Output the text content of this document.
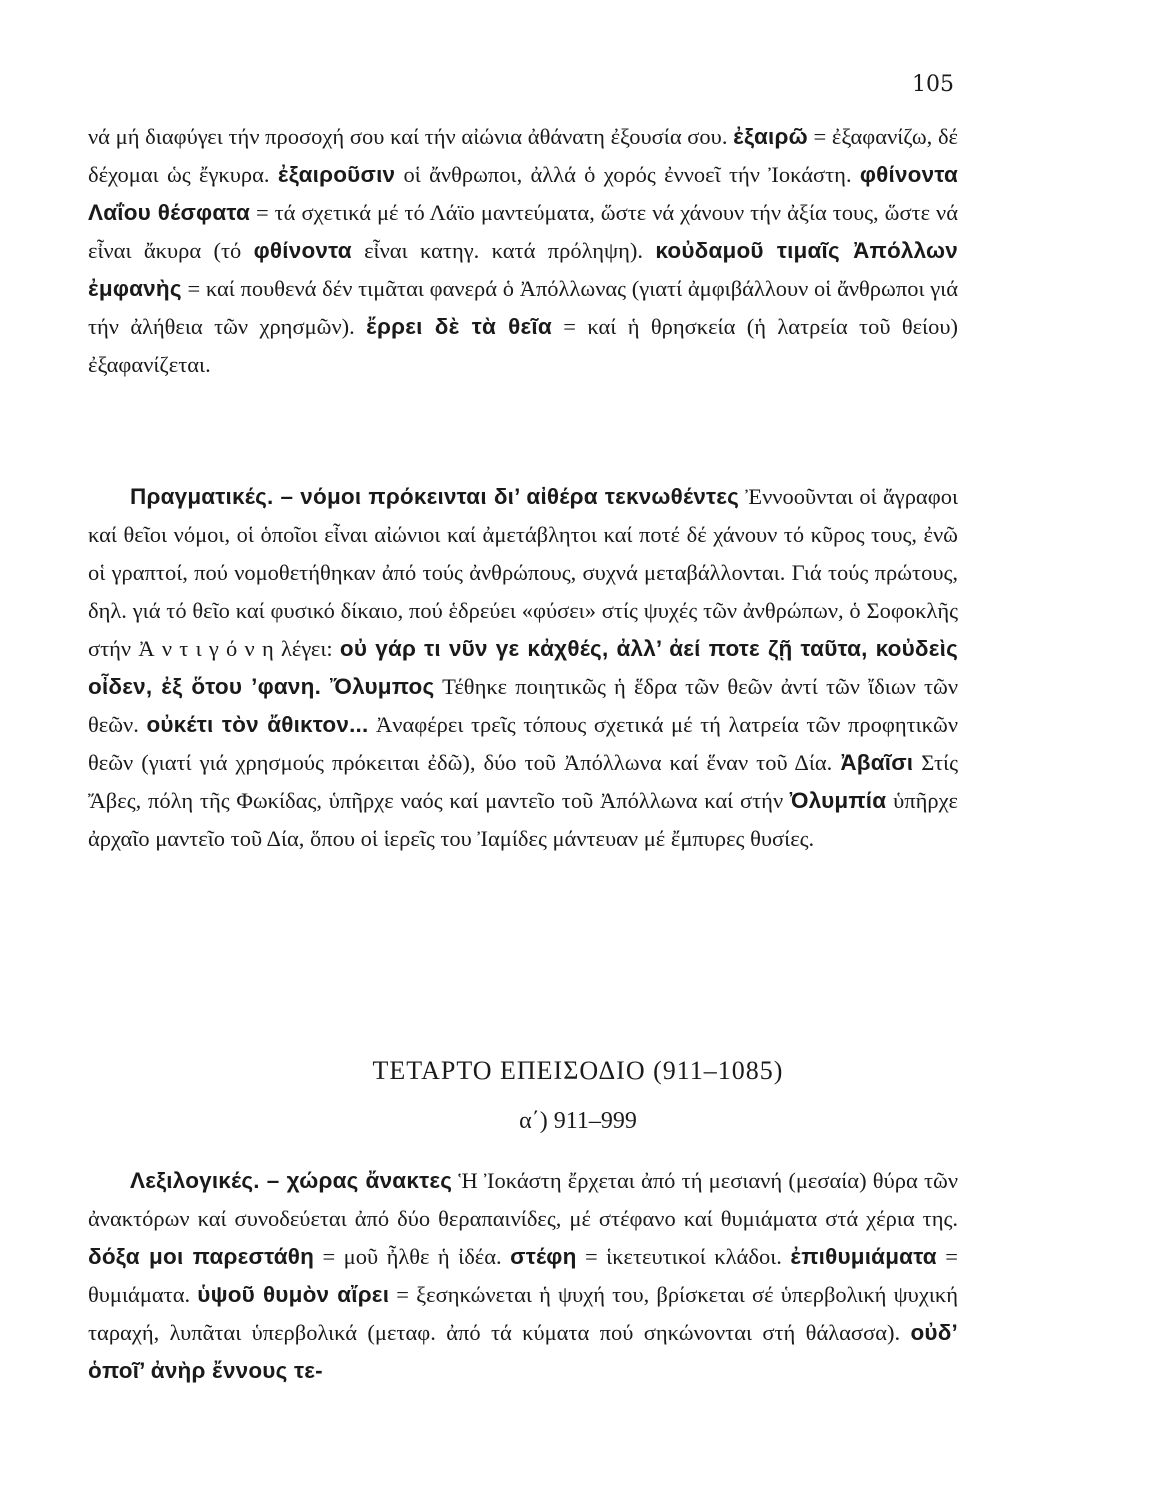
105
νά μή διαφύγει τήν προσοχή σου καί τήν αἰώνια ἀθάνατη ἐξουσία σου. ἐξαιρῶ = ἐξαφανίζω, δέ δέχομαι ὡς ἔγκυρα. ἐξαιροῦσιν οἱ ἄνθρωποι, ἀλλά ὁ χορός ἐννοεῖ τήν Ἰοκάστη. φθίνοντα Λαΐου θέσφατα = τά σχετικά μέ τό Λάϊο μαντεύματα, ὥστε νά χάνουν τήν ἀξία τους, ὥστε νά εἶναι ἄκυρα (τό φθίνοντα εἶναι κατηγ. κατά πρόληψη). κοὐδαμοῦ τιμαῖς Ἀπόλλων ἐμφανὴς = καί πουθενά δέν τιμᾶται φανερά ὁ Ἀπόλλωνας (γιατί ἀμφιβάλλουν οἱ ἄνθρωποι γιά τήν ἀλήθεια τῶν χρησμῶν). ἔρρει δὲ τὰ θεῖα = καί ἡ θρησκεία (ἡ λατρεία τοῦ θείου) ἐξαφανίζεται.
Πραγματικές. – νόμοι πρόκεινται δι’ αἰθέρα τεκνωθέντες Ἐννοοῦνται οἱ ἄγραφοι καί θεῖοι νόμοι, οἱ ὁποῖοι εἶναι αἰώνιοι καί ἀμετάβλητοι καί ποτέ δέ χάνουν τό κῦρος τους, ἐνῶ οἱ γραπτοί, πού νομοθετήθηκαν ἀπό τούς ἀνθρώπους, συχνά μεταβάλλονται. Γιά τούς πρώτους, δηλ. γιά τό θεῖο καί φυσικό δίκαιο, πού ἑδρεύει «φύσει» στίς ψυχές τῶν ἀνθρώπων, ὁ Σοφοκλῆς στήν Ἀ ν τ ι γ ό ν η λέγει: οὐ γάρ τι νῦν γε κἀχθές, ἀλλ’ ἀεί ποτε ζῇ ταῦτα, κοὐδεὶς οἶδεν, ἐξ ὅτου ’φανη. Ὄλυμπος Τέθηκε ποιητικῶς ἡ ἕδρα τῶν θεῶν ἀντί τῶν ἴδιων τῶν θεῶν. οὐκέτι τὸν ἄθικτον... Ἀναφέρει τρεῖς τόπους σχετικά μέ τή λατρεία τῶν προφητικῶν θεῶν (γιατί γιά χρησμούς πρόκειται ἐδῶ), δύο τοῦ Ἀπόλλωνα καί ἕναν τοῦ Δία. Ἀβαῖσι Στίς Ἄβες, πόλη τῆς Φωκίδας, ὑπῆρχε ναός καί μαντεῖο τοῦ Ἀπόλλωνα καί στήν Ὀλυμπία ὑπῆρχε ἀρχαῖο μαντεῖο τοῦ Δία, ὅπου οἱ ἱερεῖς του Ἰαμίδες μάντευαν μέ ἔμπυρες θυσίες.
ΤΕΤΑΡΤΟ ΕΠΕΙΣΟΔΙΟ (911–1085)
α΄) 911–999
Λεξιλογικές. – χώρας ἄνακτες Ἡ Ἰοκάστη ἔρχεται ἀπό τή μεσιανή (μεσαία) θύρα τῶν ἀνακτόρων καί συνοδεύεται ἀπό δύο θεραπαινίδες, μέ στέφανο καί θυμιάματα στά χέρια της. δόξα μοι παρεστάθη = μοῦ ἦλθε ἡ ἰδέα. στέφη = ἱκετευτικοί κλάδοι. ἐπιθυμιάματα = θυμιάματα. ὑψοῦ θυμὸν αἴρει = ξεσηκώνεται ἡ ψυχή του, βρίσκεται σέ ὑπερβολική ψυχική ταραχή, λυπᾶται ὑπερβολικά (μεταφ. ἀπό τά κύματα πού σηκώνονται στή θάλασσα). οὐδ’ ὁποῖ’ ἀνὴρ ἔννους τε-
